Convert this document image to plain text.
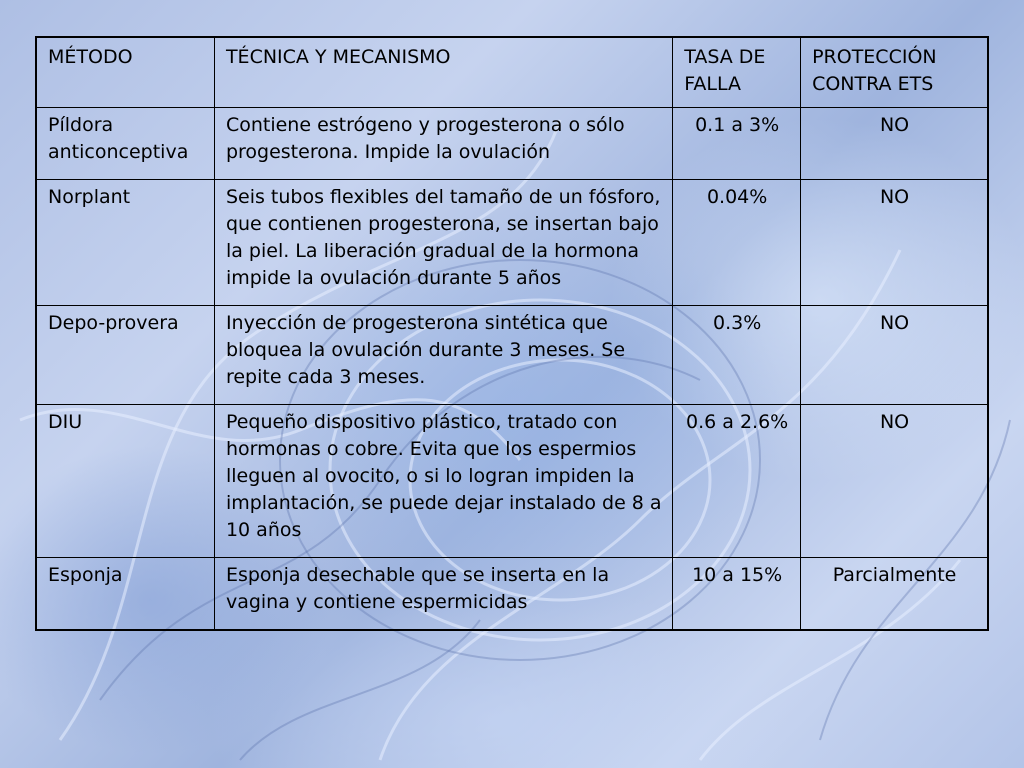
MÉTODO	TÉCNICA Y MECANISMO	TASA DE FALLA	PROTECCIÓN CONTRA ETS
Píldora anticonceptiva	Contiene estrógeno y progesterona o sólo progesterona. Impide la ovulación	0.1 a 3%	NO
Norplant	Seis tubos flexibles del tamaño de un fósforo, que contienen progesterona, se insertan bajo la piel. La liberación gradual de la hormona impide la ovulación durante 5 años	0.04%	NO
Depo-provera	Inyección de progesterona sintética que bloquea la ovulación durante 3 meses. Se repite cada 3 meses.	0.3%	NO
DIU	Pequeño dispositivo plástico, tratado con hormonas o cobre. Evita que los espermios lleguen al ovocito, o si lo logran impiden la implantación, se puede dejar instalado de 8 a 10 años	0.6 a 2.6%	NO
Esponja	Esponja desechable que se inserta en la vagina y contiene espermicidas	10 a 15%	Parcialmente
